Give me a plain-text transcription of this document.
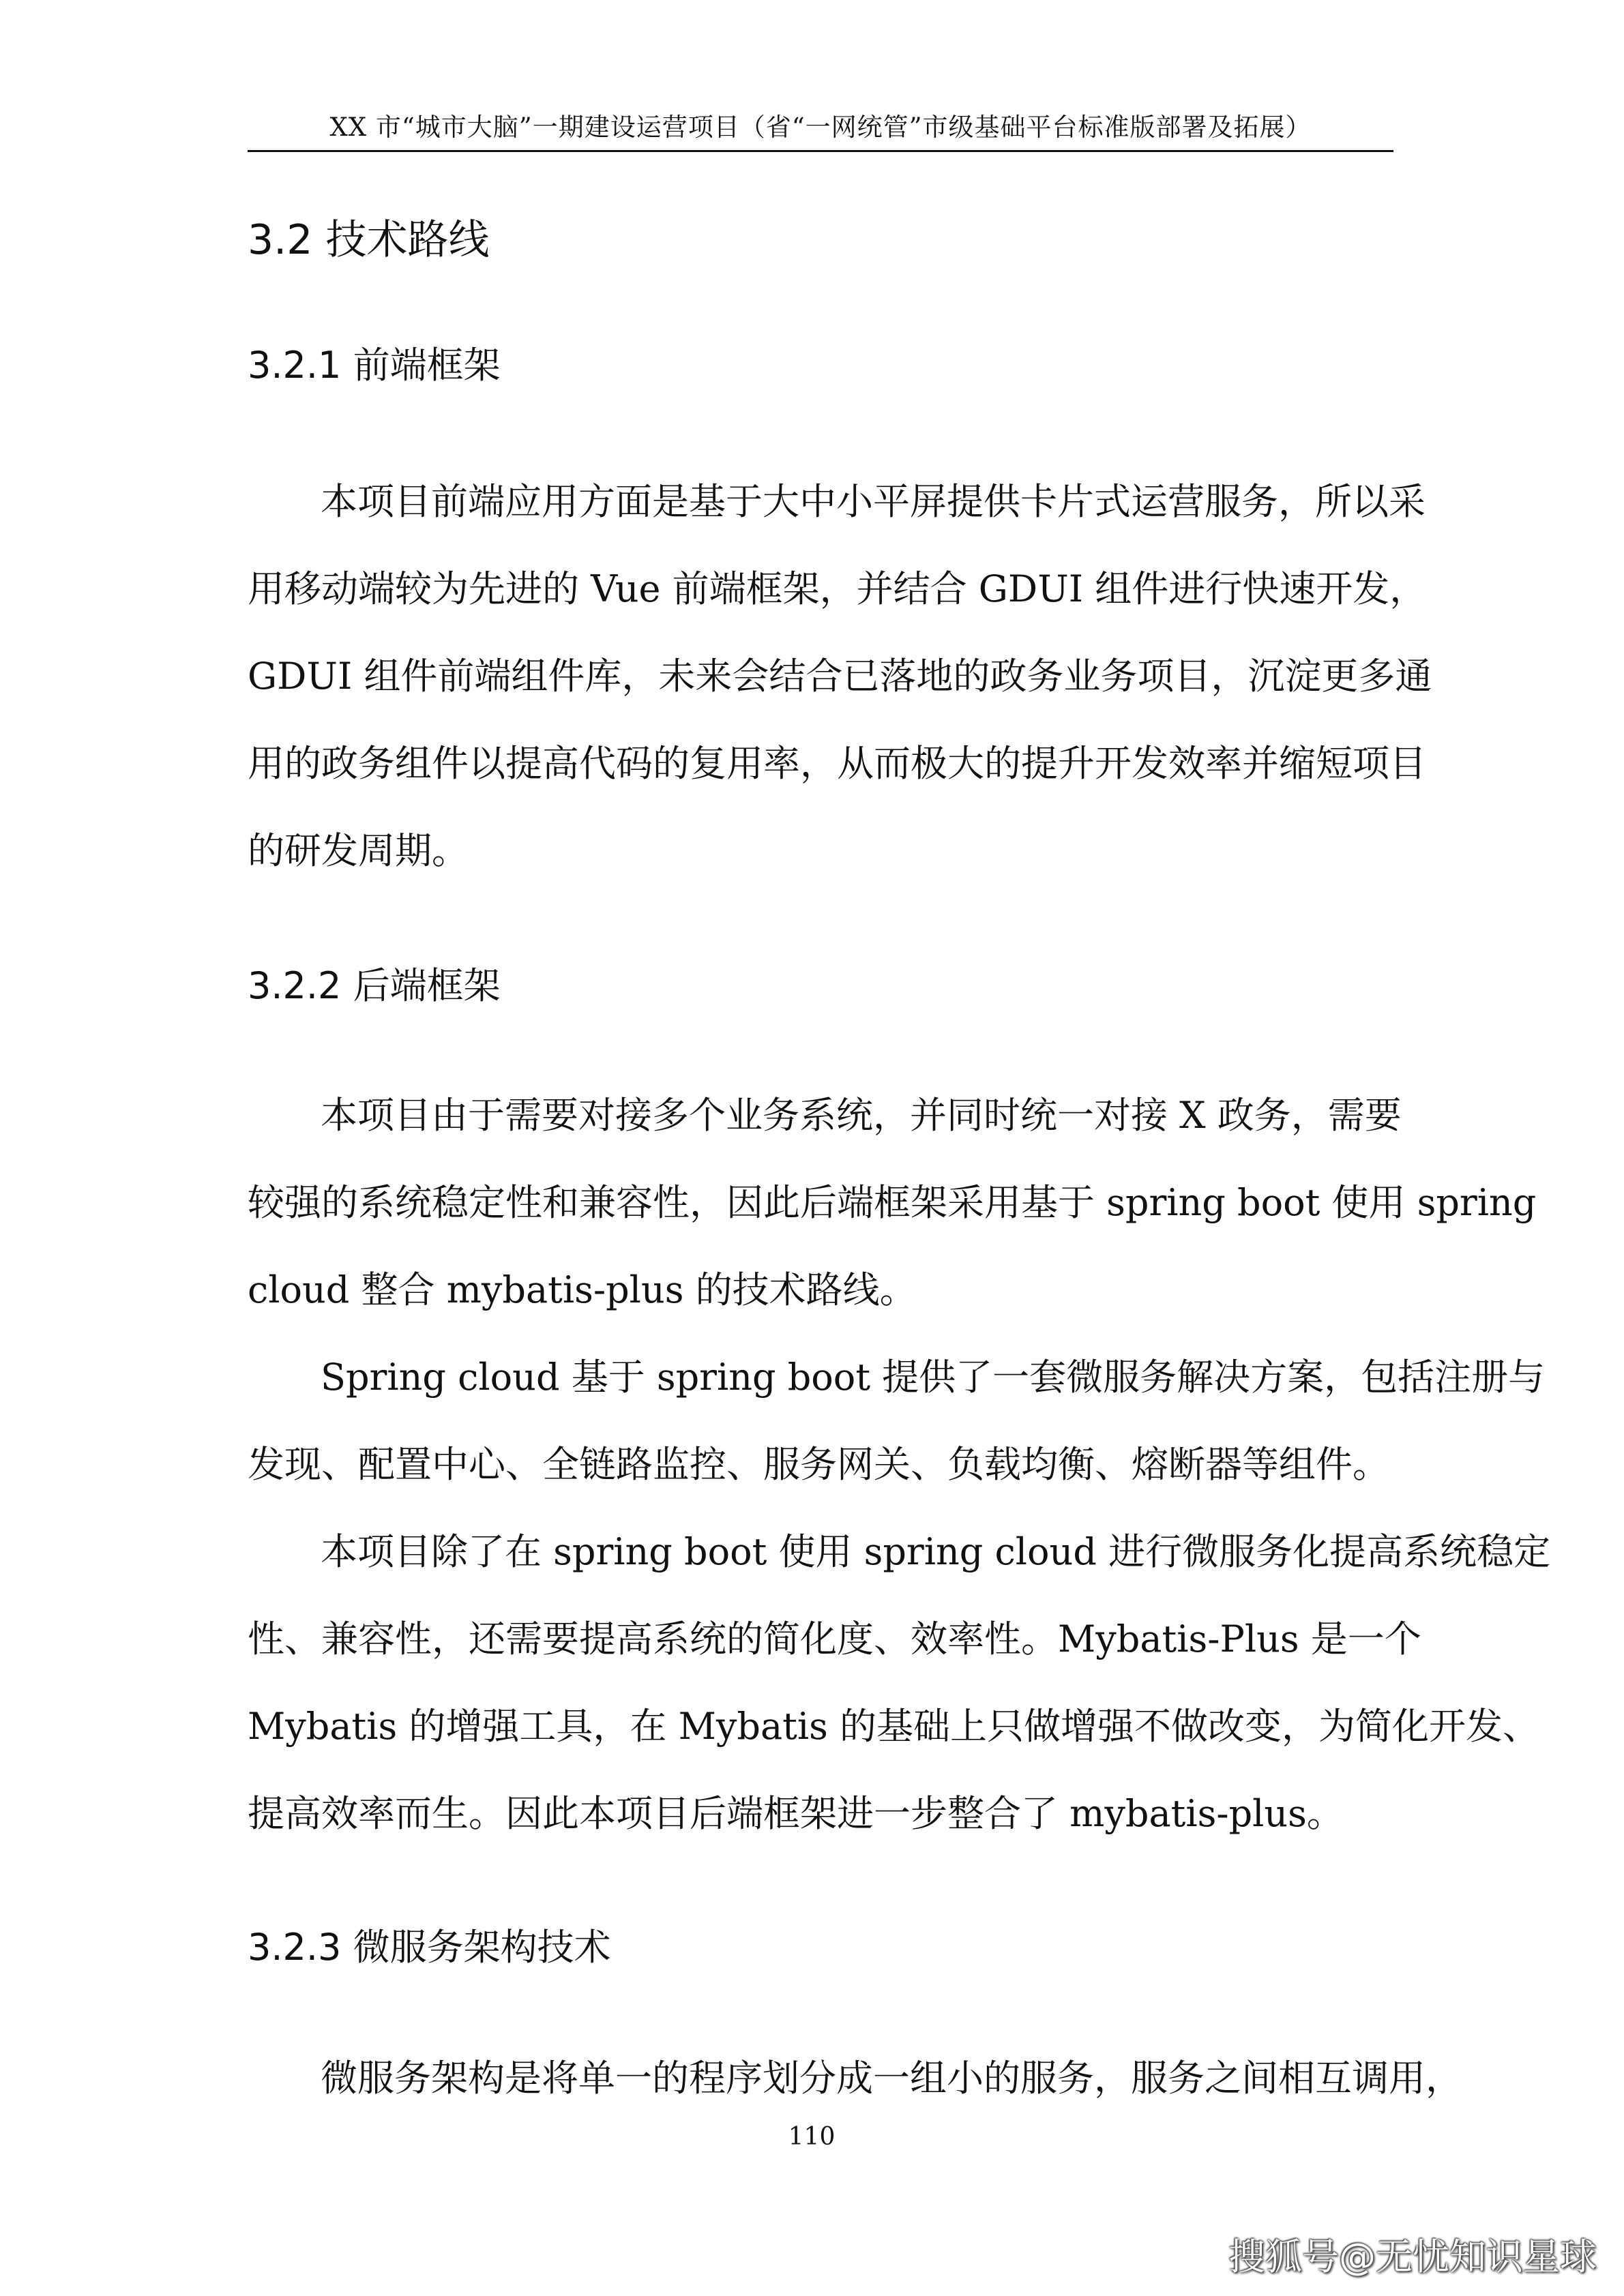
XX 市“城市大脑”一期建设运营项目（省“一网统管”市级基础平台标准版部署及拓展）
3.2 技术路线
3.2.1 前端框架
本项目前端应用方面是基于大中小平屏提供卡片式运营服务，所以采
用移动端较为先进的 Vue 前端框架，并结合 GDUI 组件进行快速开发，
GDUI 组件前端组件库，未来会结合已落地的政务业务项目，沉淀更多通
用的政务组件以提高代码的复用率，从而极大的提升开发效率并缩短项目
的研发周期。
3.2.2 后端框架
本项目由于需要对接多个业务系统，并同时统一对接 X 政务，需要
较强的系统稳定性和兼容性，因此后端框架采用基于 spring boot 使用 spring
cloud 整合 mybatis-plus 的技术路线。
Spring cloud 基于 spring boot 提供了一套微服务解决方案，包括注册与
发现、配置中心、全链路监控、服务网关、负载均衡、熔断器等组件。
本项目除了在 spring boot 使用 spring cloud 进行微服务化提高系统稳定
性、兼容性，还需要提高系统的简化度、效率性。Mybatis-Plus 是一个
Mybatis 的增强工具，在 Mybatis 的基础上只做增强不做改变，为简化开发、
提高效率而生。因此本项目后端框架进一步整合了 mybatis-plus。
3.2.3 微服务架构技术
微服务架构是将单一的程序划分成一组小的服务，服务之间相互调用，
110
搜狐号@无忧知识星球
